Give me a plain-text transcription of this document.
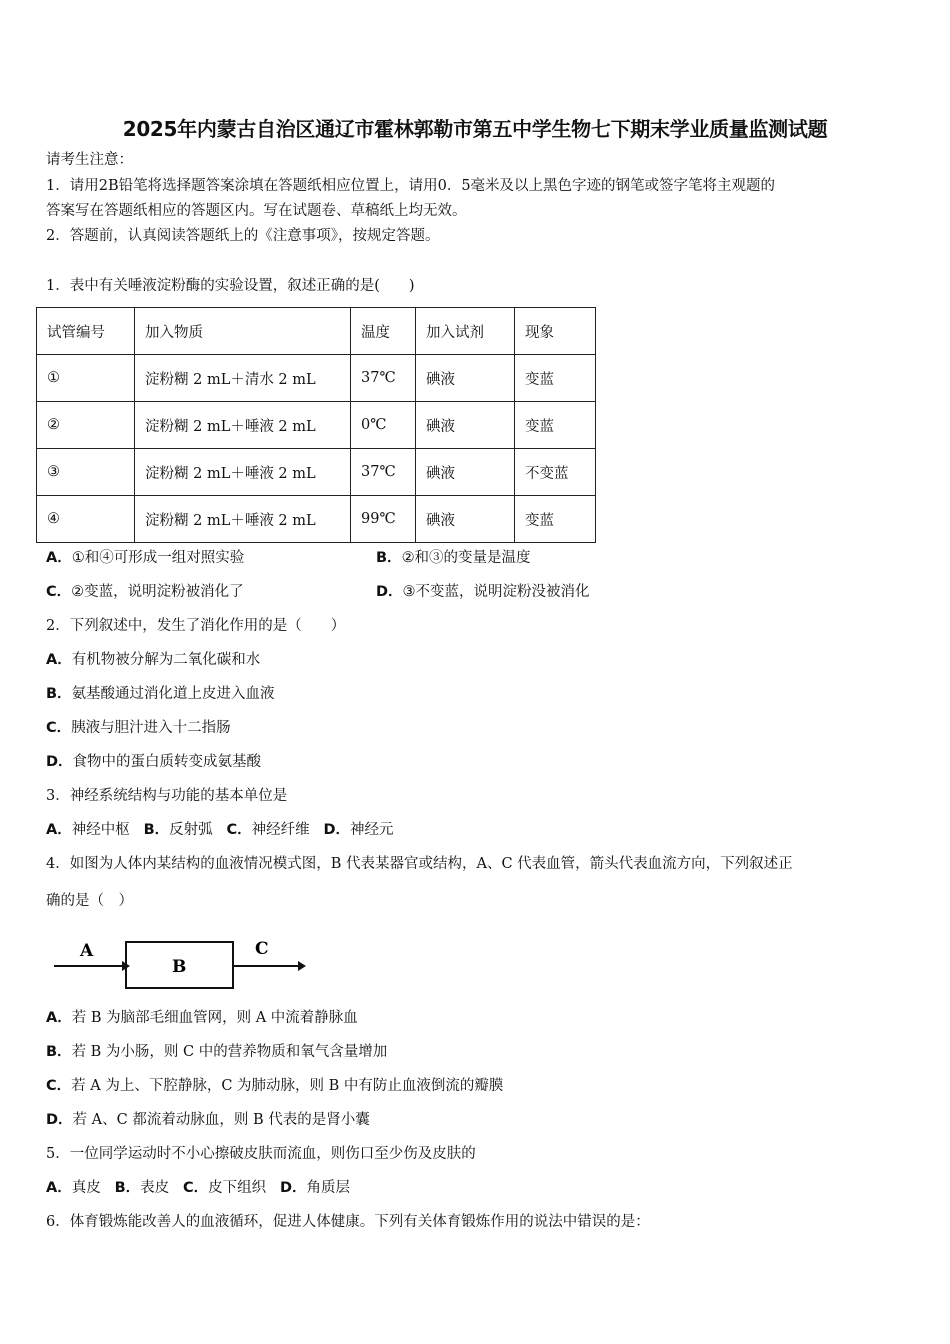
2025年内蒙古自治区通辽市霍林郭勒市第五中学生物七下期末学业质量监测试题
请考生注意：
1．请用2B铅笔将选择题答案涂填在答题纸相应位置上，请用0．5毫米及以上黑色字迹的钢笔或签字笔将主观题的
答案写在答题纸相应的答题区内。写在试题卷、草稿纸上均无效。
2．答题前，认真阅读答题纸上的《注意事项》，按规定答题。
1．表中有关唾液淀粉酶的实验设置，叙述正确的是(　　)
试管编号	加入物质	温度	加入试剂	现象
①	淀粉糊 2 mL＋清水 2 mL	37℃	碘液	变蓝
②	淀粉糊 2 mL＋唾液 2 mL	0℃	碘液	变蓝
③	淀粉糊 2 mL＋唾液 2 mL	37℃	碘液	不变蓝
④	淀粉糊 2 mL＋唾液 2 mL	99℃	碘液	变蓝
A．①和④可形成一组对照实验	B．②和③的变量是温度
C．②变蓝，说明淀粉被消化了	D．③不变蓝，说明淀粉没被消化
2．下列叙述中，发生了消化作用的是（　　）
A．有机物被分解为二氧化碳和水
B．氨基酸通过消化道上皮进入血液
C．胰液与胆汁进入十二指肠
D．食物中的蛋白质转变成氨基酸
3．神经系统结构与功能的基本单位是
A．神经中枢 B．反射弧 C．神经纤维 D．神经元
4．如图为人体内某结构的血液情况模式图，B 代表某器官或结构，A、C 代表血管，箭头代表血流方向，下列叙述正
确的是（　）
A
B
C
A．若 B 为脑部毛细血管网，则 A 中流着静脉血
B．若 B 为小肠，则 C 中的营养物质和氧气含量增加
C．若 A 为上、下腔静脉，C 为肺动脉，则 B 中有防止血液倒流的瓣膜
D．若 A、C 都流着动脉血，则 B 代表的是肾小囊
5．一位同学运动时不小心擦破皮肤而流血，则伤口至少伤及皮肤的
A．真皮 B．表皮 C．皮下组织 D．角质层
6．体育锻炼能改善人的血液循环，促进人体健康。下列有关体育锻炼作用的说法中错误的是：
